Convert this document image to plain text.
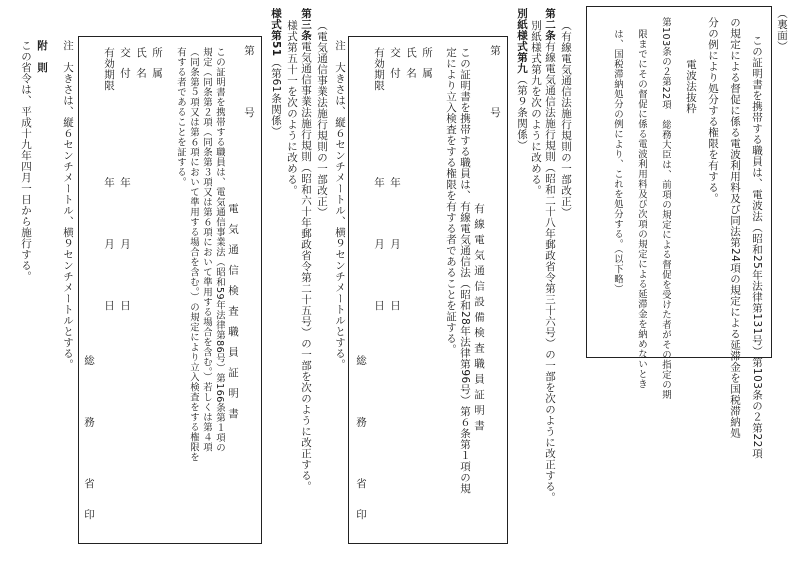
（裏面）
この証明書を携帯する職員は、電波法（昭和25年法律第131号）第103条の２第22項
の規定による督促に係る電波利用料及び同法第24項の規定による延滞金を国税滞納処
分の例により処分する権限を有する。
電波法抜粋
第103条の２第22項　総務大臣は、前項の規定による督促を受けた者がその指定の期
限までにその督促に係る電波利用料及び次項の規定による延滞金を納めないとき
は、国税滞納処分の例により、これを処分する。（以下略）
（有線電気通信法施行規則の一部改正）
第二条有線電気通信法施行規則（昭和二十八年郵政省令第三十六号）の一部を次のように改正する。
別紙様式第九を次のように改める。
別紙様式第九（第９条関係）
第　　　号
有線電気通信設備検査職員証明書
この証明書を携帯する職員は、有線電気通信法（昭和28年法律第96号）第６条第１項の規
定により立入検査をする権限を有する者であることを証する。
所属
氏名
交付
有効期限
年　　月　　日
年　　月　　日
総　　務　　省
印
注　大きさは、縦６センチメートル、横９センチメートルとする。
（電気通信事業法施行規則の一部改正）
第三条電気通信事業法施行規則（昭和六十年郵政省令第二十五号）の一部を次のように改正する。
様式第五十一を次のように改める。
様式第51（第61条関係）
第　　　号
電気通信検査職員証明書
この証明書を携帯する職員は、電気通信事業法（昭和59年法律第86号）第166条第１項の
規定（同条第２項（同条第３項又は第６項において準用する場合を含む。）若しくは第４項
（同条第５項又は第６項において準用する場合を含む。）の規定により立入検査をする権限を
有する者であることを証する。
所属
氏名
交付
有効期限
年　　月　　日
年　　月　　日
総　　務　　省
印
注　大きさは、縦６センチメートル、横９センチメートルとする。
附　則
この省令は、平成十九年四月一日から施行する。
